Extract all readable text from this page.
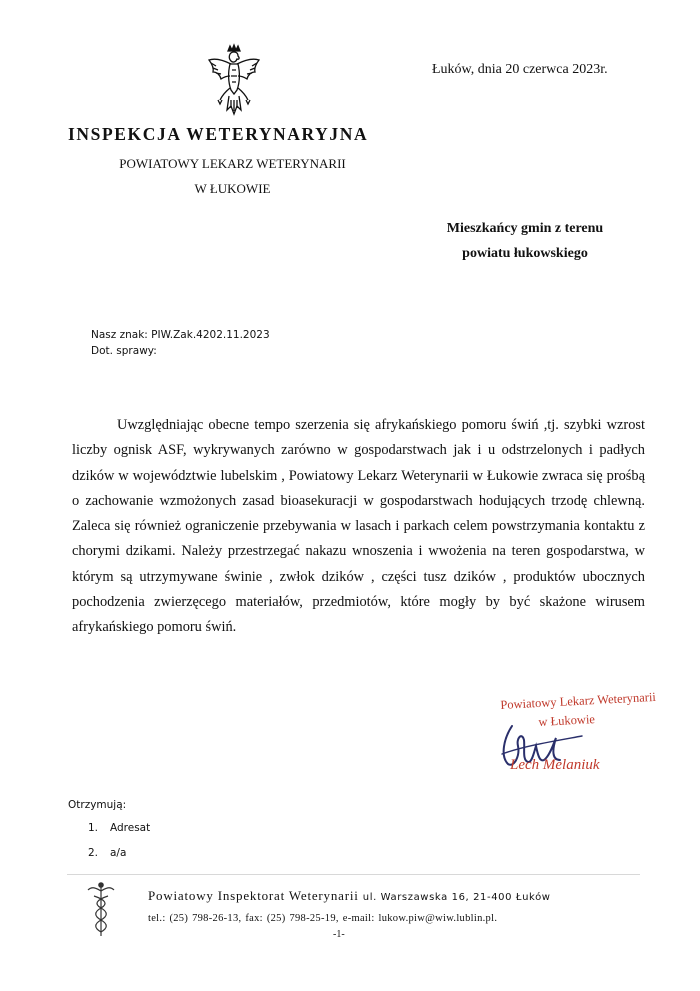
Łuków, dnia 20 czerwca 2023r.
INSPEKCJA WETERYNARYJNA
POWIATOWY LEKARZ WETERYNARII
W ŁUKOWIE
Mieszkańcy gmin z terenu
powiatu łukowskiego
Nasz znak: PIW.Zak.4202.11.2023
Dot. sprawy:

Uwzględniając obecne tempo szerzenia się afrykańskiego pomoru świń ,tj. szybki wzrost liczby ognisk ASF, wykrywanych zarówno w gospodarstwach jak i u odstrzelonych i padłych dzików w województwie lubelskim , Powiatowy Lekarz Weterynarii w Łukowie zwraca się prośbą o zachowanie wzmożonych zasad bioasekuracji w gospodarstwach hodujących trzodę chlewną. Zaleca się również ograniczenie przebywania w lasach i parkach celem powstrzymania kontaktu z chorymi dzikami. Należy przestrzegać nakazu wnoszenia i wwożenia na teren gospodarstwa, w którym są utrzymywane świnie , zwłok dzików , części tusz dzików , produktów ubocznych pochodzenia zwierzęcego materiałów, przedmiotów, które mogły by być skażone wirusem afrykańskiego pomoru świń.

Powiatowy Lekarz Weterynarii
w Łukowie
Lech Melaniuk
Otrzymują:
1. Adresat
2. a/a
Powiatowy Inspektorat Weterynarii ul. Warszawska 16, 21-400 Łuków
tel.: (25) 798-26-13, fax: (25) 798-25-19, e-mail: lukow.piw@wiw.lublin.pl.
-1-
